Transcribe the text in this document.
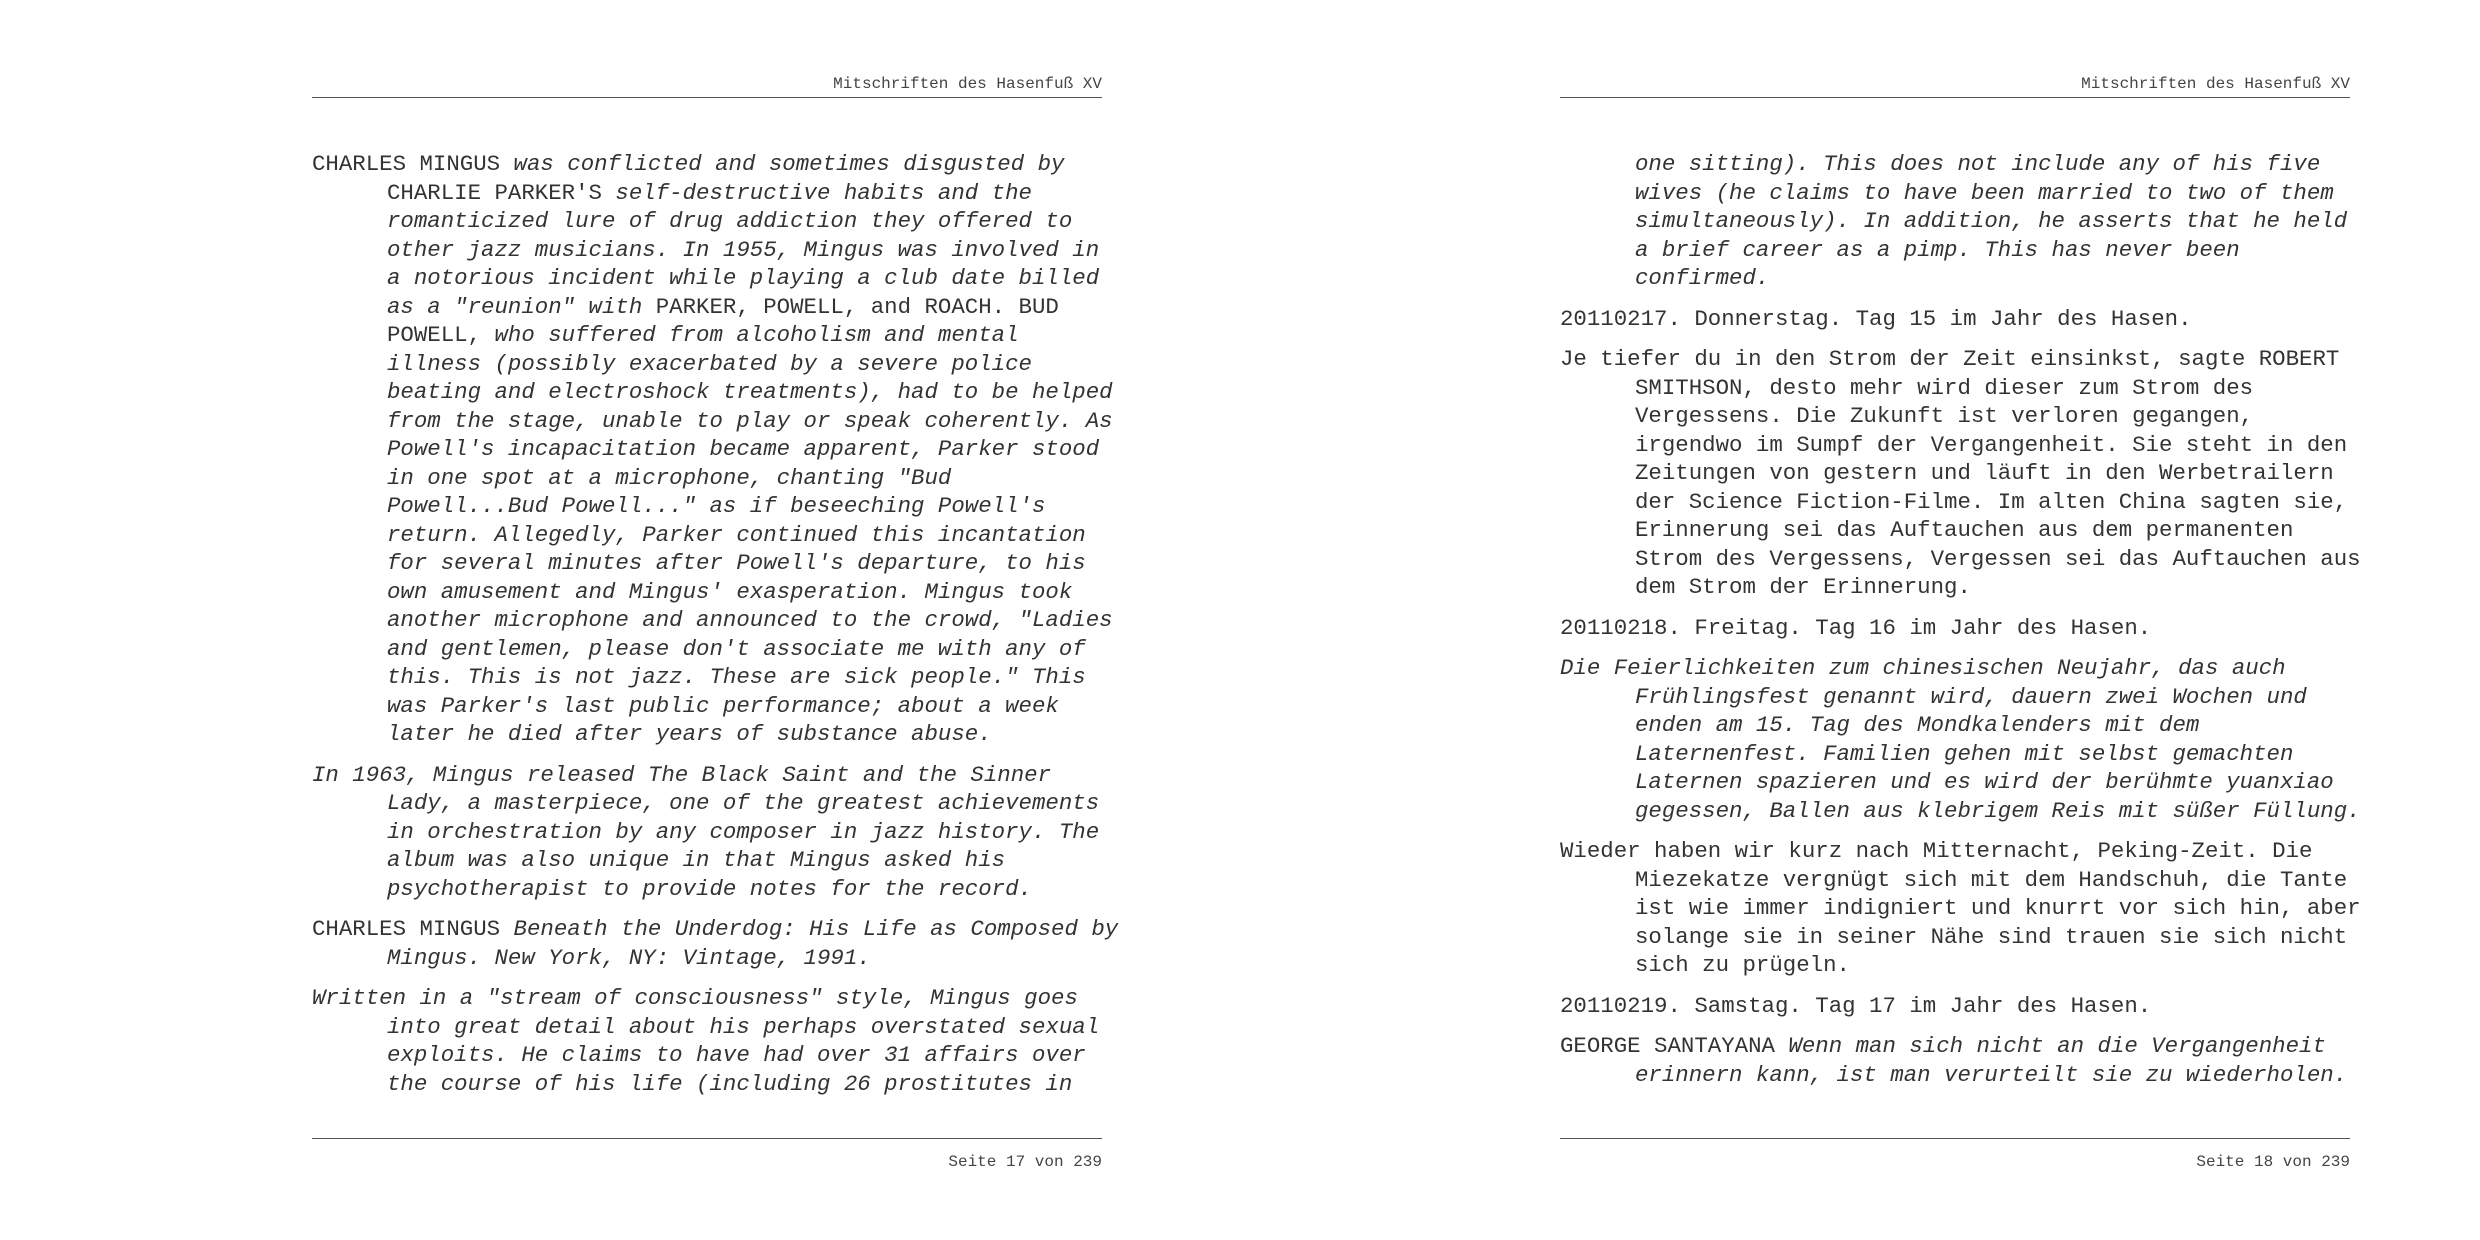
Mitschriften des Hasenfuß XV

CHARLES MINGUS was conflicted and sometimes disgusted by
CHARLIE PARKER'S self-destructive habits and the
romanticized lure of drug addiction they offered to
other jazz musicians. In 1955, Mingus was involved in
a notorious incident while playing a club date billed
as a "reunion" with PARKER, POWELL, and ROACH. BUD
POWELL, who suffered from alcoholism and mental
illness (possibly exacerbated by a severe police
beating and electroshock treatments), had to be helped
from the stage, unable to play or speak coherently. As
Powell's incapacitation became apparent, Parker stood
in one spot at a microphone, chanting "Bud
Powell...Bud Powell..." as if beseeching Powell's
return. Allegedly, Parker continued this incantation
for several minutes after Powell's departure, to his
own amusement and Mingus' exasperation. Mingus took
another microphone and announced to the crowd, "Ladies
and gentlemen, please don't associate me with any of
this. This is not jazz. These are sick people." This
was Parker's last public performance; about a week
later he died after years of substance abuse.

In 1963, Mingus released The Black Saint and the Sinner
Lady, a masterpiece, one of the greatest achievements
in orchestration by any composer in jazz history. The
album was also unique in that Mingus asked his
psychotherapist to provide notes for the record.

CHARLES MINGUS Beneath the Underdog: His Life as Composed by
Mingus. New York, NY: Vintage, 1991.

Written in a "stream of consciousness" style, Mingus goes
into great detail about his perhaps overstated sexual
exploits. He claims to have had over 31 affairs over
the course of his life (including 26 prostitutes in

Seite 17 von 239
Mitschriften des Hasenfuß XV

one sitting). This does not include any of his five
wives (he claims to have been married to two of them
simultaneously). In addition, he asserts that he held
a brief career as a pimp. This has never been
confirmed.

20110217. Donnerstag. Tag 15 im Jahr des Hasen.

Je tiefer du in den Strom der Zeit einsinkst, sagte ROBERT
SMITHSON, desto mehr wird dieser zum Strom des
Vergessens. Die Zukunft ist verloren gegangen,
irgendwo im Sumpf der Vergangenheit. Sie steht in den
Zeitungen von gestern und läuft in den Werbetrailern
der Science Fiction-Filme. Im alten China sagten sie,
Erinnerung sei das Auftauchen aus dem permanenten
Strom des Vergessens, Vergessen sei das Auftauchen aus
dem Strom der Erinnerung.

20110218. Freitag. Tag 16 im Jahr des Hasen.

Die Feierlichkeiten zum chinesischen Neujahr, das auch
Frühlingsfest genannt wird, dauern zwei Wochen und
enden am 15. Tag des Mondkalenders mit dem
Laternenfest. Familien gehen mit selbst gemachten
Laternen spazieren und es wird der berühmte yuanxiao
gegessen, Ballen aus klebrigem Reis mit süßer Füllung.

Wieder haben wir kurz nach Mitternacht, Peking-Zeit. Die
Miezekatze vergnügt sich mit dem Handschuh, die Tante
ist wie immer indigniert und knurrt vor sich hin, aber
solange sie in seiner Nähe sind trauen sie sich nicht
sich zu prügeln.

20110219. Samstag. Tag 17 im Jahr des Hasen.

GEORGE SANTAYANA Wenn man sich nicht an die Vergangenheit
erinnern kann, ist man verurteilt sie zu wiederholen.

Seite 18 von 239
